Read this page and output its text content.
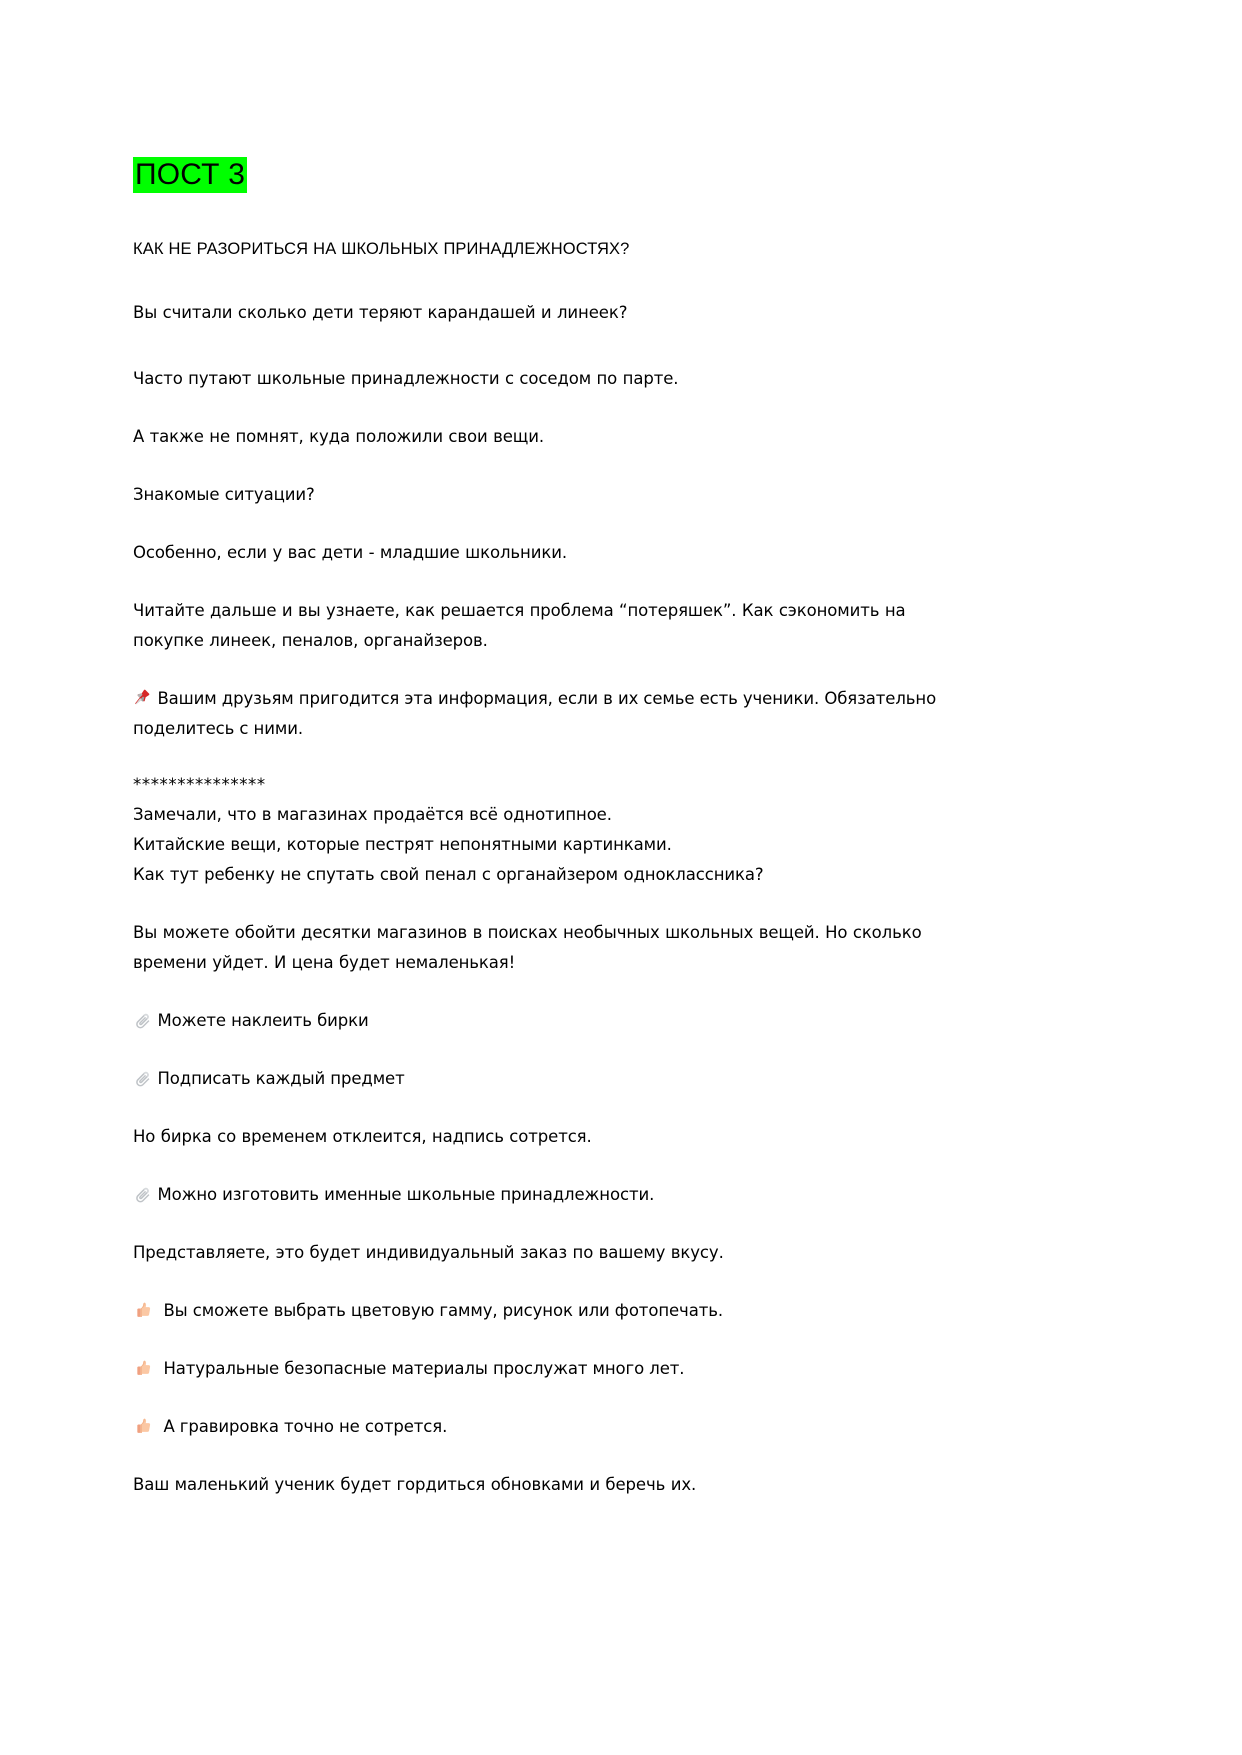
ПОСТ 3

КАК НЕ РАЗОРИТЬСЯ НА ШКОЛЬНЫХ ПРИНАДЛЕЖНОСТЯХ?

Вы считали сколько дети теряют карандашей и линеек?

Часто путают школьные принадлежности с соседом по парте.

А также не помнят, куда положили свои вещи.

Знакомые ситуации?

Особенно, если у вас дети - младшие школьники.

Читайте дальше и вы узнаете, как решается проблема “потеряшек”. Как сэкономить на покупке линеек, пеналов, органайзеров.

Вашим друзьям пригодится эта информация, если в их семье есть ученики. Обязательно поделитесь с ними.

***************

Замечали, что в магазинах продаётся всё однотипное.

Китайские вещи, которые пестрят непонятными картинками.

Как тут ребенку не спутать свой пенал с органайзером одноклассника?

Вы можете обойти десятки магазинов в поисках необычных школьных вещей. Но сколько времени уйдет. И цена будет немаленькая!

Можете наклеить бирки
Подписать каждый предмет

Но бирка со временем отклеится, надпись сотрется.

Можно изготовить именные школьные принадлежности.

Представляете, это будет индивидуальный заказ по вашему вкусу.

Вы сможете выбрать цветовую гамму, рисунок или фотопечать.
Натуральные безопасные материалы прослужат много лет.
А гравировка точно не сотрется.

Ваш маленький ученик будет гордиться обновками и беречь их.
